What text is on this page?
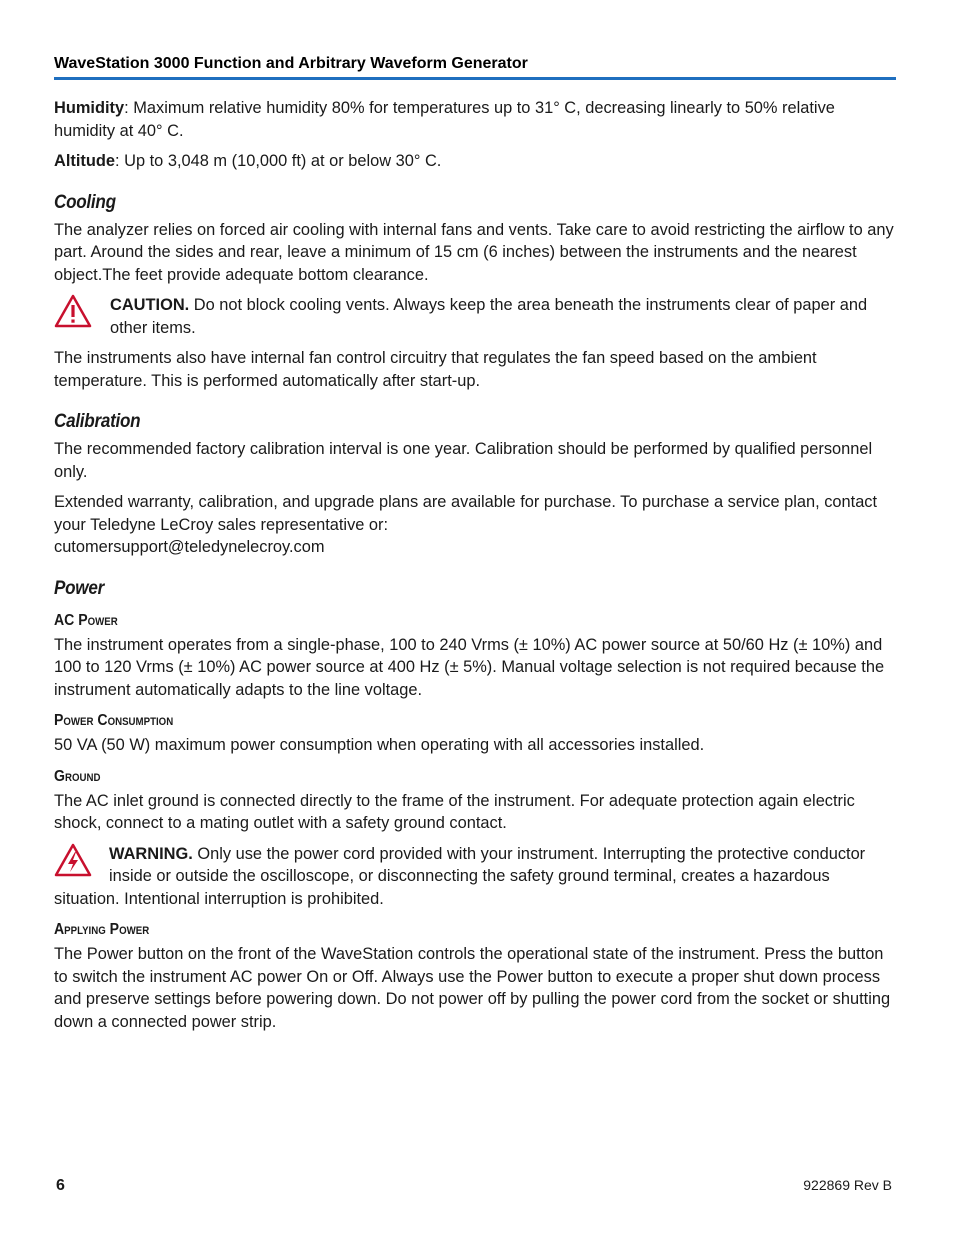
WaveStation 3000 Function and Arbitrary Waveform Generator

Humidity: Maximum relative humidity 80% for temperatures up to 31° C, decreasing linearly to 50% relative humidity at 40° C.

Altitude: Up to 3,048 m (10,000 ft) at or below 30° C.

Cooling

The analyzer relies on forced air cooling with internal fans and vents. Take care to avoid restricting the airflow to any part. Around the sides and rear, leave a minimum of 15 cm (6 inches) between the instruments and the nearest object.The feet provide adequate bottom clearance.

CAUTION. Do not block cooling vents. Always keep the area beneath the instruments clear of paper and other items.

The instruments also have internal fan control circuitry that regulates the fan speed based on the ambient temperature. This is performed automatically after start-up.

Calibration

The recommended factory calibration interval is one year. Calibration should be performed by qualified personnel only.

Extended warranty, calibration, and upgrade plans are available for purchase. To purchase a service plan, contact your Teledyne LeCroy sales representative or:
cutomersupport@teledynelecroy.com

Power
AC Power

The instrument operates from a single-phase, 100 to 240 Vrms (± 10%) AC power source at 50/60 Hz (± 10%) and 100 to 120 Vrms (± 10%) AC power source at 400 Hz (± 5%). Manual voltage selection is not required because the instrument automatically adapts to the line voltage.

Power Consumption

50 VA (50 W) maximum power consumption when operating with all accessories installed.

Ground

The AC inlet ground is connected directly to the frame of the instrument. For adequate protection again electric shock, connect to a mating outlet with a safety ground contact.

WARNING. Only use the power cord provided with your instrument. Interrupting the protective conductor inside or outside the oscilloscope, or disconnecting the safety ground terminal, creates a hazardous situation. Intentional interruption is prohibited.
Applying Power

The Power button on the front of the WaveStation controls the operational state of the instrument. Press the button to switch the instrument AC power On or Off. Always use the Power button to execute a proper shut down process and preserve settings before powering down. Do not power off by pulling the power cord from the socket or shutting down a connected power strip.

6	922869 Rev B
